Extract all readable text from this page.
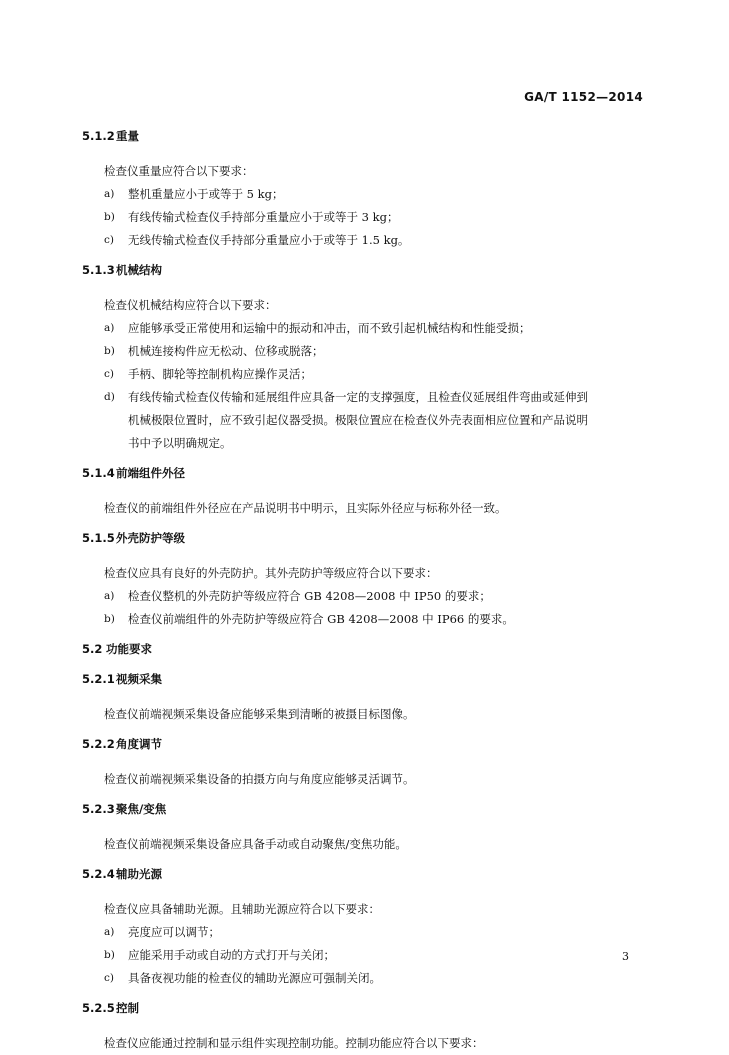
GA/T 1152—2014
5.1.2重量
检查仪重量应符合以下要求：
a) 整机重量应小于或等于 5 kg；
b) 有线传输式检查仪手持部分重量应小于或等于 3 kg；
c) 无线传输式检查仪手持部分重量应小于或等于 1.5 kg。
5.1.3机械结构
检查仪机械结构应符合以下要求：
a) 应能够承受正常使用和运输中的振动和冲击，而不致引起机械结构和性能受损；
b) 机械连接构件应无松动、位移或脱落；
c) 手柄、脚轮等控制机构应操作灵活；
d) 有线传输式检查仪传输和延展组件应具备一定的支撑强度，且检查仪延展组件弯曲或延伸到
机械极限位置时，应不致引起仪器受损。极限位置应在检查仪外壳表面相应位置和产品说明
书中予以明确规定。
5.1.4前端组件外径
检查仪的前端组件外径应在产品说明书中明示，且实际外径应与标称外径一致。
5.1.5外壳防护等级
检查仪应具有良好的外壳防护。其外壳防护等级应符合以下要求：
a) 检查仪整机的外壳防护等级应符合 GB 4208—2008 中 IP50 的要求；
b) 检查仪前端组件的外壳防护等级应符合 GB 4208—2008 中 IP66 的要求。
5.2 功能要求
5.2.1视频采集
检查仪前端视频采集设备应能够采集到清晰的被摄目标图像。
5.2.2角度调节
检查仪前端视频采集设备的拍摄方向与角度应能够灵活调节。
5.2.3聚焦/变焦
检查仪前端视频采集设备应具备手动或自动聚焦/变焦功能。
5.2.4辅助光源
检查仪应具备辅助光源。且辅助光源应符合以下要求：
a) 亮度应可以调节；
b) 应能采用手动或自动的方式打开与关闭；
c) 具备夜视功能的检查仪的辅助光源应可强制关闭。
5.2.5控制
检查仪应能通过控制和显示组件实现控制功能。控制功能应符合以下要求：
3
